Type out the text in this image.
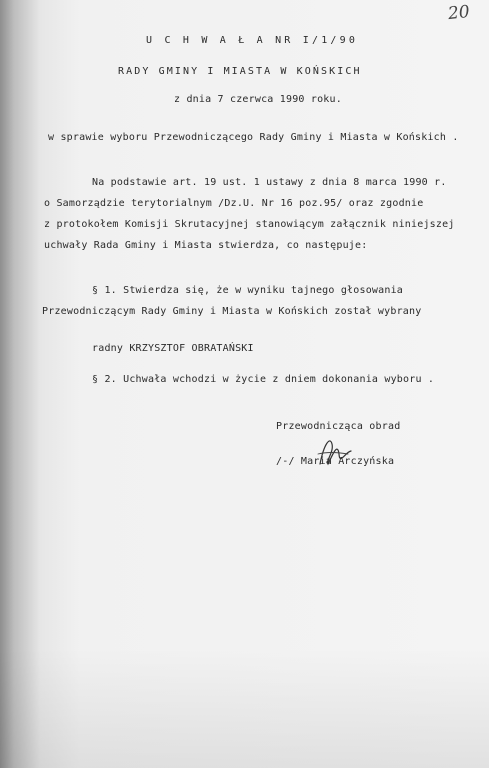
20
U C H W A Ł A NR I/1/90
RADY GMINY I MIASTA W KOŃSKICH
z dnia 7 czerwca 1990 roku.
w sprawie wyboru Przewodniczącego Rady Gminy i Miasta w Końskich .
Na podstawie art. 19 ust. 1 ustawy z dnia 8 marca 1990 r.
o Samorządzie terytorialnym /Dz.U. Nr 16 poz.95/ oraz zgodnie
z protokołem Komisji Skrutacyjnej stanowiącym załącznik niniejszej
uchwały Rada Gminy i Miasta stwierdza, co następuje:
§ 1. Stwierdza się, że w wyniku tajnego głosowania
Przewodniczącym Rady Gminy i Miasta w Końskich został wybrany
radny KRZYSZTOF OBRATAŃSKI
§ 2. Uchwała wchodzi w życie z dniem dokonania wyboru .
Przewodnicząca obrad
/-/ Maria Arczyńska
